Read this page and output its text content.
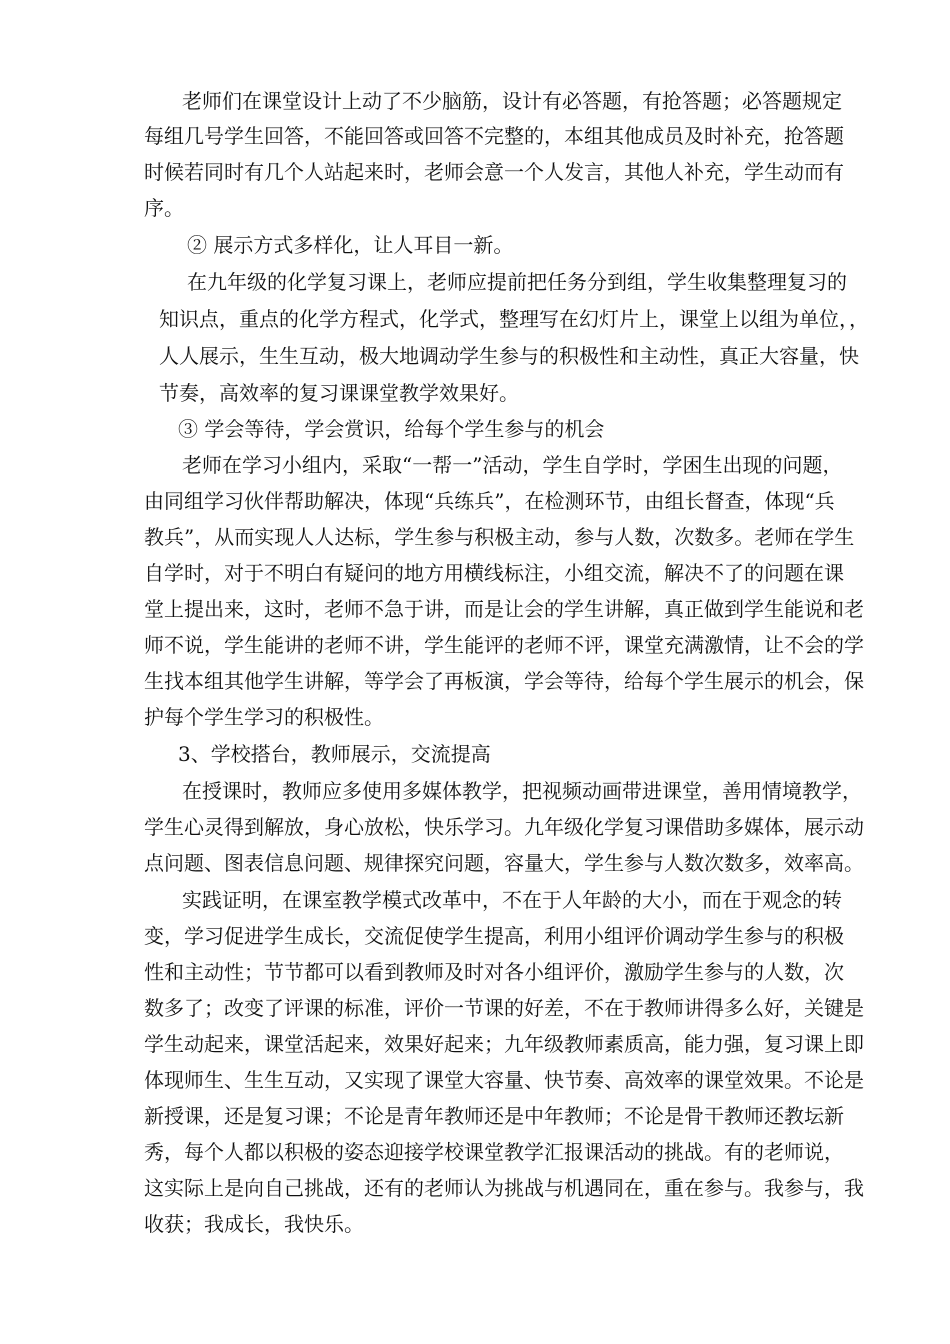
老师们在课堂设计上动了不少脑筋，设计有必答题，有抢答题；必答题规定

每组几号学生回答，不能回答或回答不完整的，本组其他成员及时补充，抢答题

时候若同时有几个人站起来时，老师会意一个人发言，其他人补充，学生动而有

序。

② 展示方式多样化，让人耳目一新。

在九年级的化学复习课上，老师应提前把任务分到组，学生收集整理复习的

知识点，重点的化学方程式，化学式，整理写在幻灯片上，课堂上以组为单位，，

人人展示，生生互动，极大地调动学生参与的积极性和主动性，真正大容量，快

节奏，高效率的复习课课堂教学效果好。

③ 学会等待，学会赏识，给每个学生参与的机会

老师在学习小组内，采取“一帮一”活动，学生自学时，学困生出现的问题，

由同组学习伙伴帮助解决，体现“兵练兵”，在检测环节，由组长督查，体现“兵

教兵”，从而实现人人达标，学生参与积极主动，参与人数，次数多。老师在学生

自学时，对于不明白有疑问的地方用横线标注，小组交流，解决不了的问题在课

堂上提出来，这时，老师不急于讲，而是让会的学生讲解，真正做到学生能说和老

师不说，学生能讲的老师不讲，学生能评的老师不评，课堂充满激情，让不会的学

生找本组其他学生讲解，等学会了再板演，学会等待，给每个学生展示的机会，保

护每个学生学习的积极性。

3、学校搭台，教师展示，交流提高

在授课时，教师应多使用多媒体教学，把视频动画带进课堂，善用情境教学，

学生心灵得到解放，身心放松，快乐学习。九年级化学复习课借助多媒体，展示动

点问题、图表信息问题、规律探究问题，容量大，学生参与人数次数多，效率高。

实践证明，在课室教学模式改革中，不在于人年龄的大小，而在于观念的转

变，学习促进学生成长，交流促使学生提高，利用小组评价调动学生参与的积极

性和主动性；节节都可以看到教师及时对各小组评价，激励学生参与的人数，次

数多了；改变了评课的标准，评价一节课的好差，不在于教师讲得多么好，关键是

学生动起来，课堂活起来，效果好起来；九年级教师素质高，能力强，复习课上即

体现师生、生生互动，又实现了课堂大容量、快节奏、高效率的课堂效果。不论是

新授课，还是复习课；不论是青年教师还是中年教师；不论是骨干教师还教坛新

秀，每个人都以积极的姿态迎接学校课堂教学汇报课活动的挑战。有的老师说，

这实际上是向自己挑战，还有的老师认为挑战与机遇同在，重在参与。我参与，我

收获；我成长，我快乐。
